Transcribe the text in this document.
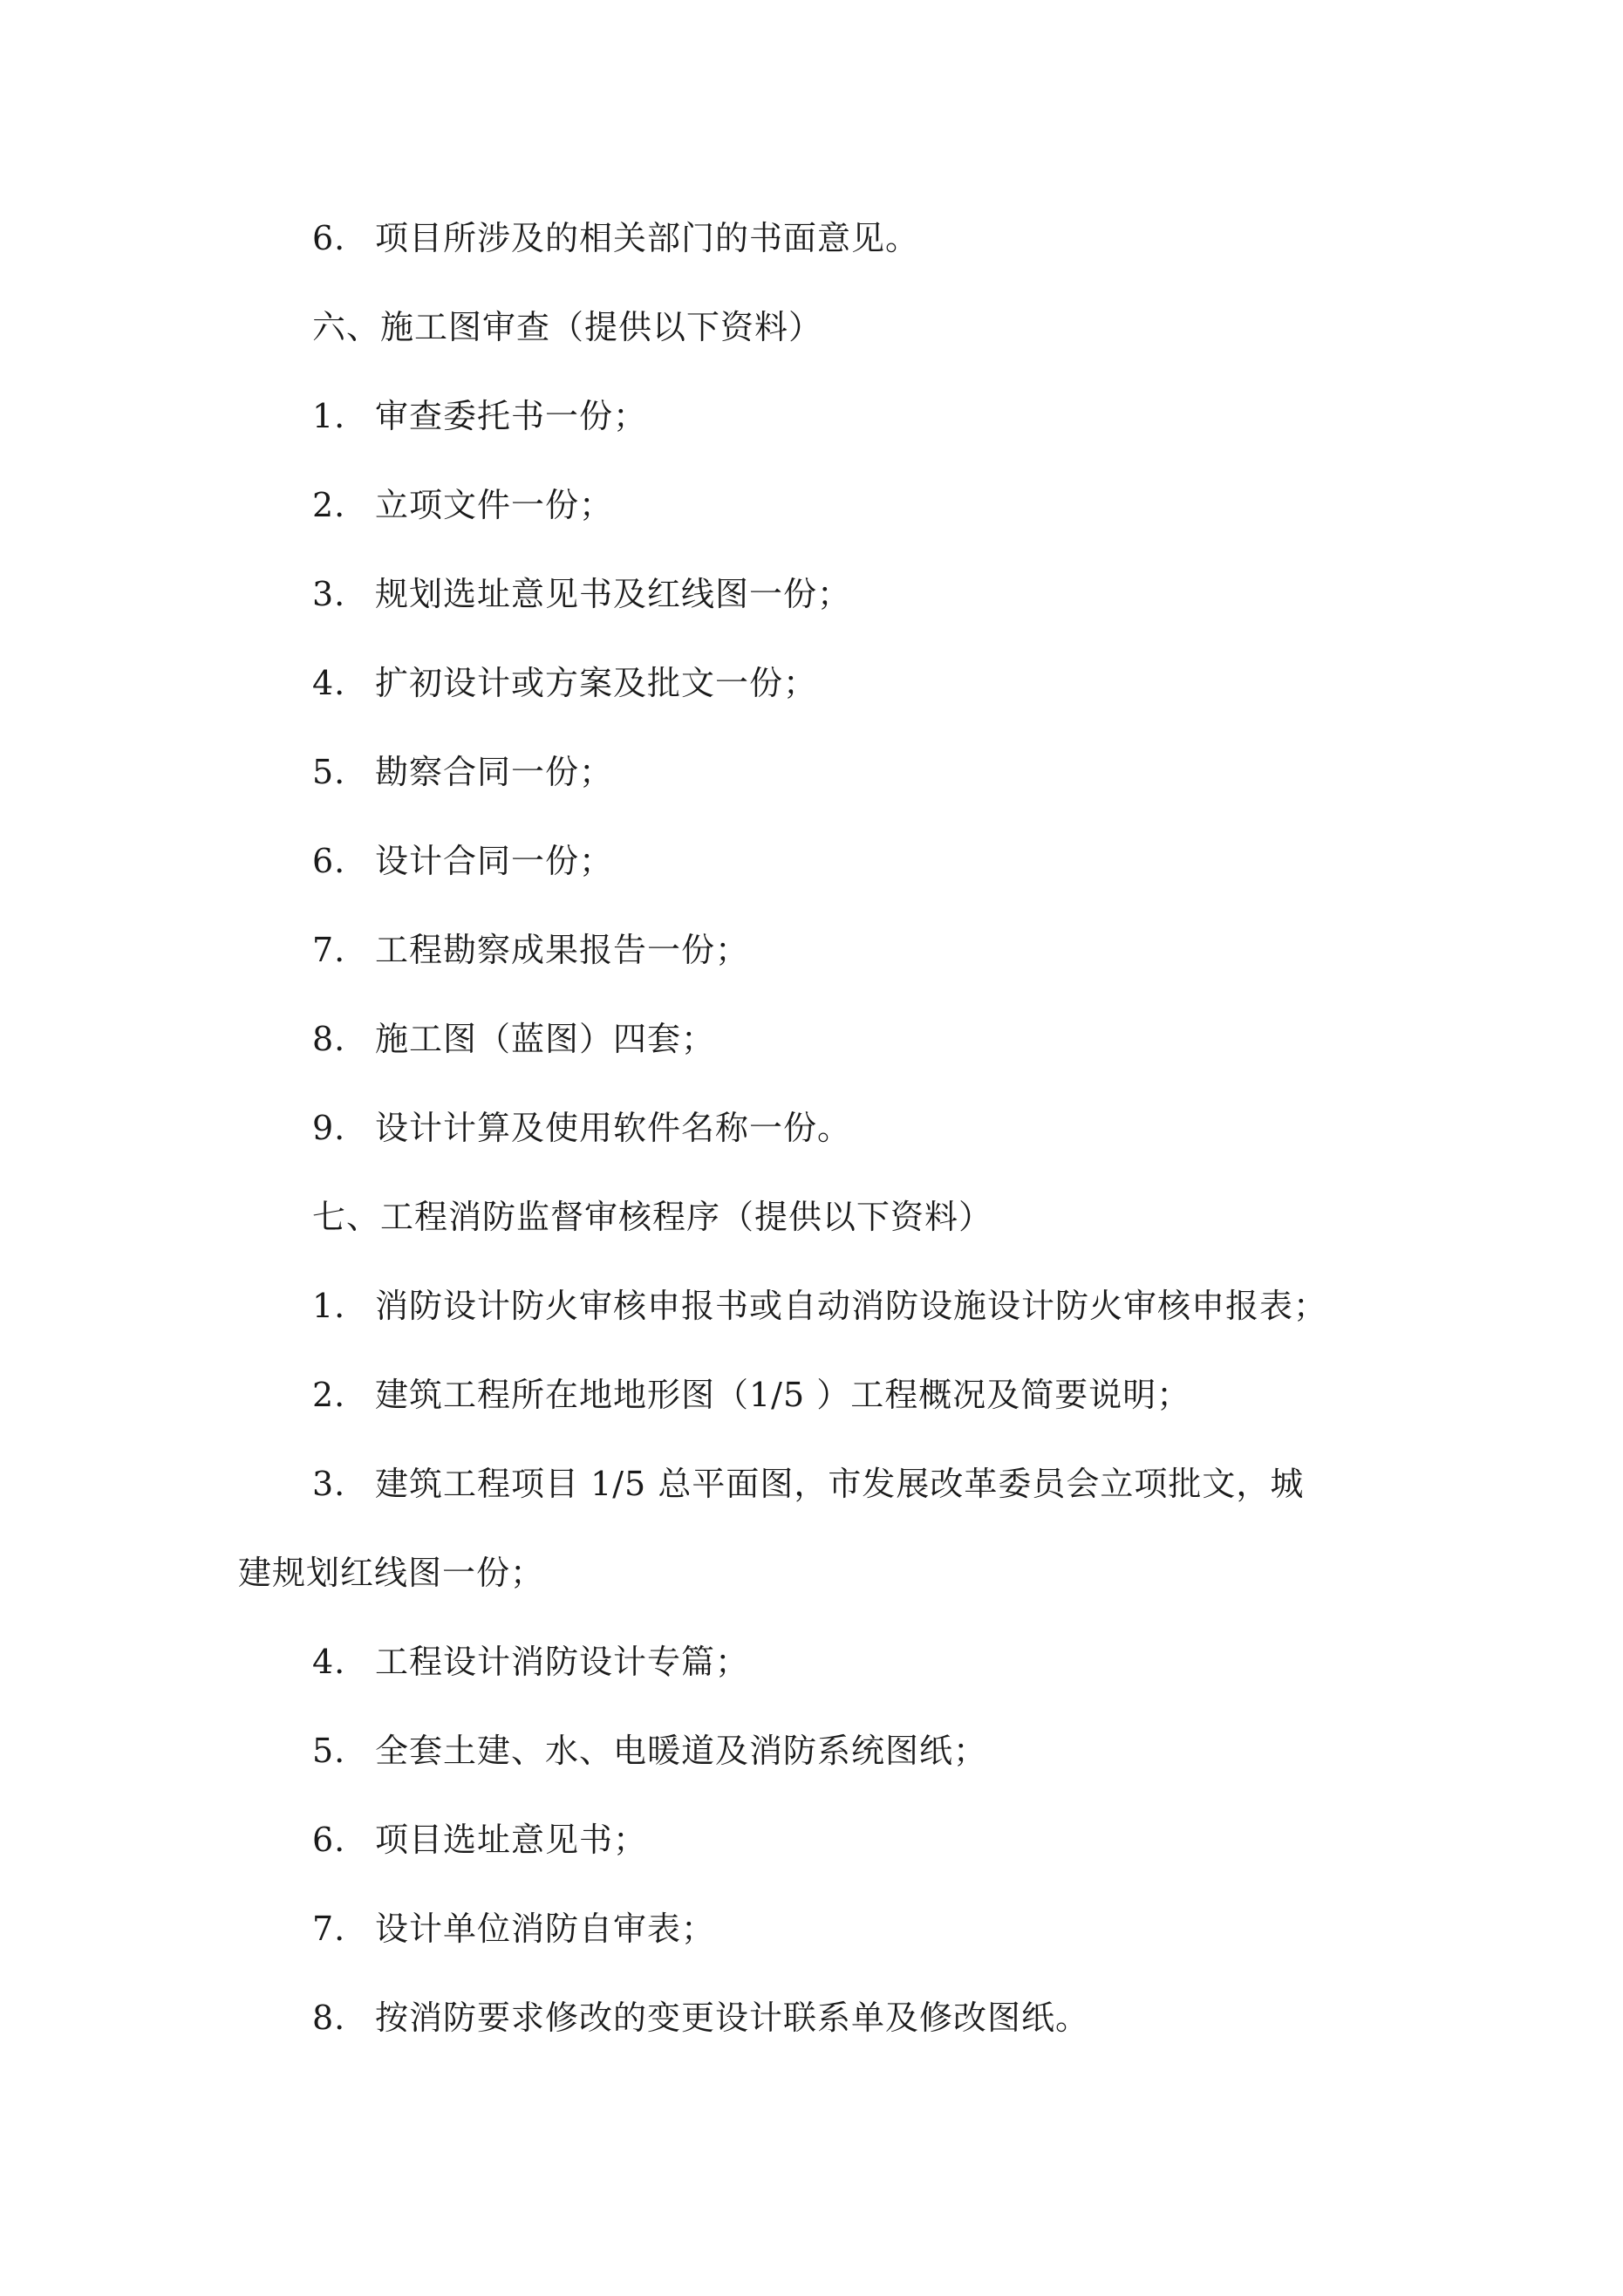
6. 项目所涉及的相关部门的书面意见。
六、施工图审查（提供以下资料）
1. 审查委托书一份；
2. 立项文件一份；
3. 规划选址意见书及红线图一份；
4. 扩初设计或方案及批文一份；
5. 勘察合同一份；
6. 设计合同一份；
7. 工程勘察成果报告一份；
8. 施工图（蓝图）四套；
9. 设计计算及使用软件名称一份。
七、工程消防监督审核程序（提供以下资料）
1. 消防设计防火审核申报书或自动消防设施设计防火审核申报表；
2. 建筑工程所在地地形图（1/5 ）工程概况及简要说明；
3. 建筑工程项目 1/5 总平面图，市发展改革委员会立项批文，城
建规划红线图一份；
4. 工程设计消防设计专篇；
5. 全套土建、水、电暖道及消防系统图纸；
6. 项目选址意见书；
7. 设计单位消防自审表；
8. 按消防要求修改的变更设计联系单及修改图纸。
